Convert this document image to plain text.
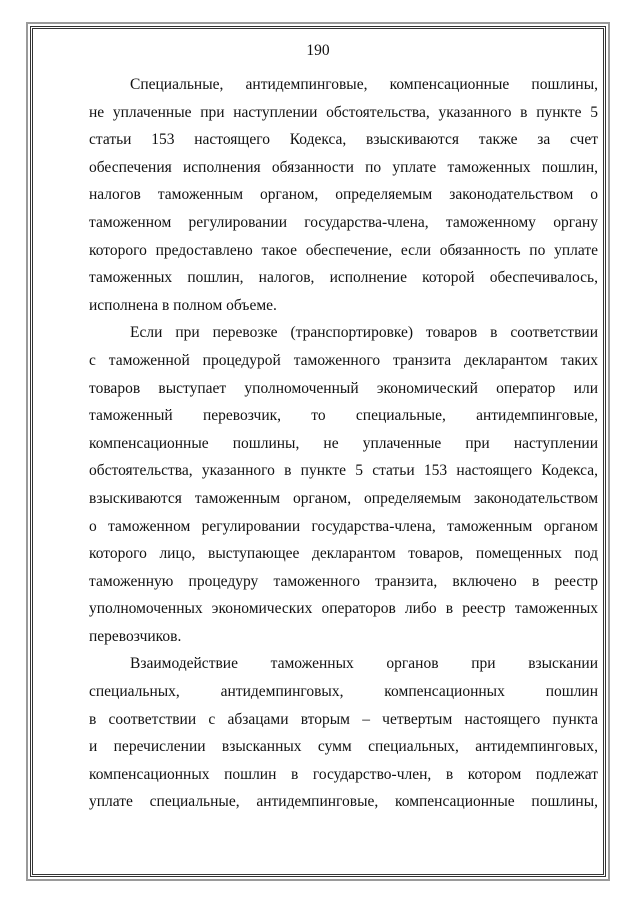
190

Специальные, антидемпинговые, компенсационные пошлины,
не уплаченные при наступлении обстоятельства, указанного в пункте 5
статьи 153 настоящего Кодекса, взыскиваются также за счет
обеспечения исполнения обязанности по уплате таможенных пошлин,
налогов таможенным органом, определяемым законодательством о
таможенном регулировании государства-члена, таможенному органу
которого предоставлено такое обеспечение, если обязанность по уплате
таможенных пошлин, налогов, исполнение которой обеспечивалось,
исполнена в полном объеме.

Если при перевозке (транспортировке) товаров в соответствии
с таможенной процедурой таможенного транзита декларантом таких
товаров выступает уполномоченный экономический оператор или
таможенный перевозчик, то специальные, антидемпинговые,
компенсационные пошлины, не уплаченные при наступлении
обстоятельства, указанного в пункте 5 статьи 153 настоящего Кодекса,
взыскиваются таможенным органом, определяемым законодательством
о таможенном регулировании государства-члена, таможенным органом
которого лицо, выступающее декларантом товаров, помещенных под
таможенную процедуру таможенного транзита, включено в реестр
уполномоченных экономических операторов либо в реестр таможенных
перевозчиков.

Взаимодействие таможенных органов при взыскании
специальных, антидемпинговых, компенсационных пошлин
в соответствии с абзацами вторым – четвертым настоящего пункта
и перечислении взысканных сумм специальных, антидемпинговых,
компенсационных пошлин в государство-член, в котором подлежат
уплате специальные, антидемпинговые, компенсационные пошлины,
